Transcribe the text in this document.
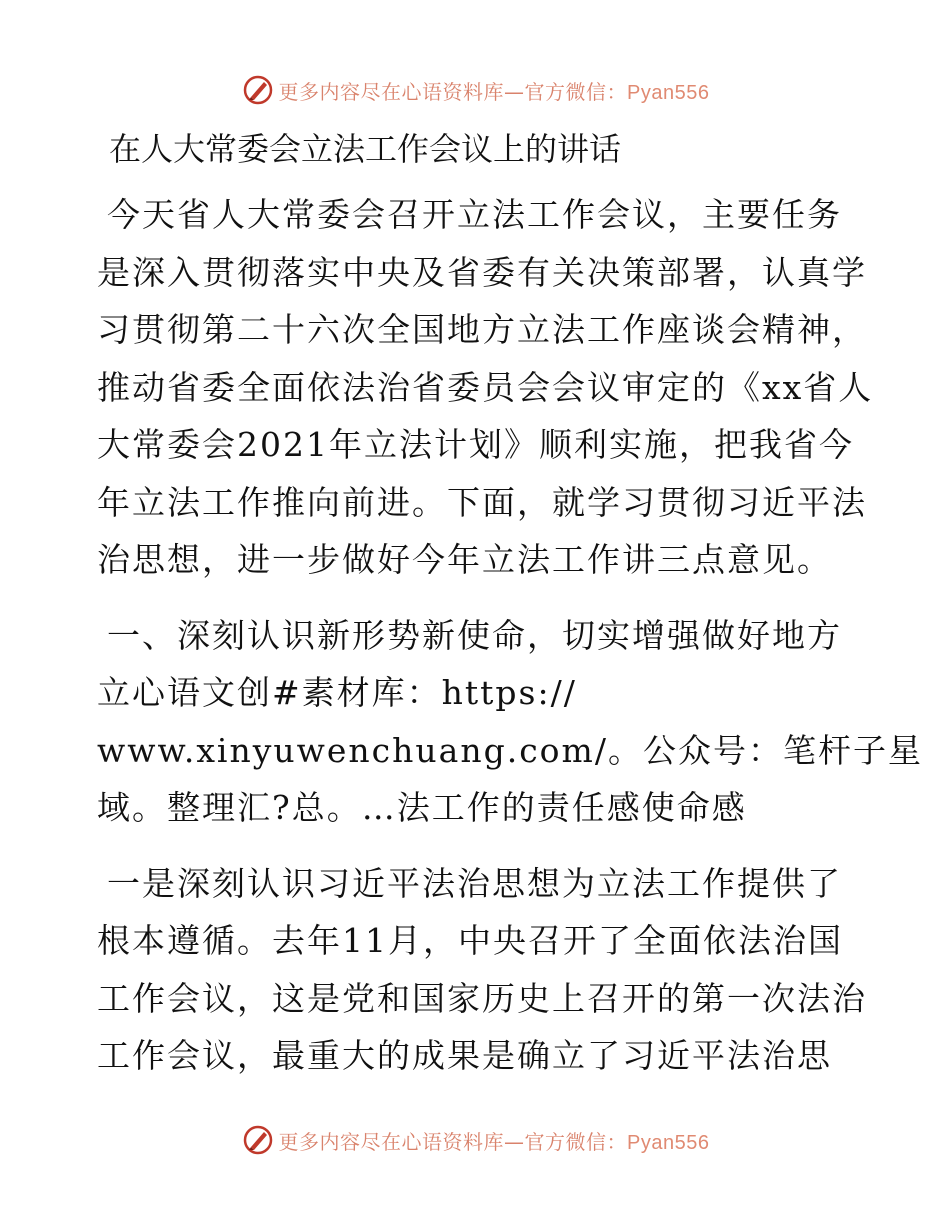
更多内容尽在心语资料库—官方微信：Pyan556
在人大常委会立法工作会议上的讲话
今天省人大常委会召开立法工作会议，主要任务
是深入贯彻落实中央及省委有关决策部署，认真学
习贯彻第二十六次全国地方立法工作座谈会精神，
推动省委全面依法治省委员会会议审定的《xx省人
大常委会2021年立法计划》顺利实施，把我省今
年立法工作推向前进。下面，就学习贯彻习近平法
治思想，进一步做好今年立法工作讲三点意见。
一、深刻认识新形势新使命，切实增强做好地方
立心语文创#素材库：https://
www.xinyuwenchuang.com/。公众号：笔杆子星
域。整理汇?总。…法工作的责任感使命感
一是深刻认识习近平法治思想为立法工作提供了
根本遵循。去年11月，中央召开了全面依法治国
工作会议，这是党和国家历史上召开的第一次法治
工作会议，最重大的成果是确立了习近平法治思
更多内容尽在心语资料库—官方微信：Pyan556
